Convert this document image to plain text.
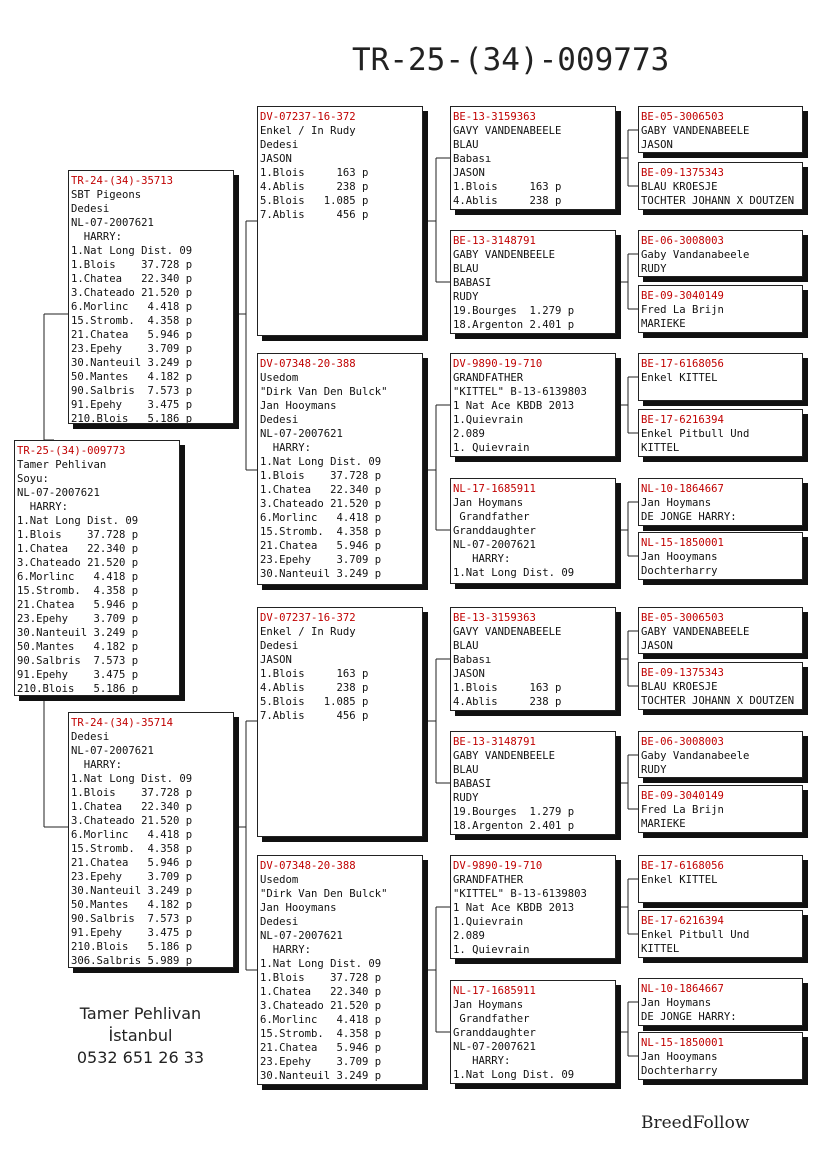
TR-25-(34)-009773
TR-25-(34)-009773
Tamer Pehlivan
Soyu:
NL-07-2007621
HARRY:
1.Nat Long Dist. 09
1.Blois    37.728 p
1.Chatea   22.340 p
3.Chateado 21.520 p
6.Morlinc   4.418 p
15.Stromb.  4.358 p
21.Chatea   5.946 p
23.Epehy    3.709 p
30.Nanteuil 3.249 p
50.Mantes   4.182 p
90.Salbris  7.573 p
91.Epehy    3.475 p
210.Blois   5.186 p
TR-24-(34)-35713
SBT Pigeons
Dedesi
NL-07-2007621
HARRY:
1.Nat Long Dist. 09
1.Blois    37.728 p
1.Chatea   22.340 p
3.Chateado 21.520 p
6.Morlinc   4.418 p
15.Stromb.  4.358 p
21.Chatea   5.946 p
23.Epehy    3.709 p
30.Nanteuil 3.249 p
50.Mantes   4.182 p
90.Salbris  7.573 p
91.Epehy    3.475 p
210.Blois   5.186 p
TR-24-(34)-35714
Dedesi
NL-07-2007621
HARRY:
1.Nat Long Dist. 09
1.Blois    37.728 p
1.Chatea   22.340 p
3.Chateado 21.520 p
6.Morlinc   4.418 p
15.Stromb.  4.358 p
21.Chatea   5.946 p
23.Epehy    3.709 p
30.Nanteuil 3.249 p
50.Mantes   4.182 p
90.Salbris  7.573 p
91.Epehy    3.475 p
210.Blois   5.186 p
306.Salbris 5.989 p
DV-07237-16-372
Enkel / In Rudy
Dedesi
JASON
1.Blois     163 p
4.Ablis     238 p
5.Blois   1.085 p
7.Ablis     456 p
DV-07348-20-388
Usedom
"Dirk Van Den Bulck"
Jan Hooymans
Dedesi
NL-07-2007621
HARRY:
1.Nat Long Dist. 09
1.Blois    37.728 p
1.Chatea   22.340 p
3.Chateado 21.520 p
6.Morlinc   4.418 p
15.Stromb.  4.358 p
21.Chatea   5.946 p
23.Epehy    3.709 p
30.Nanteuil 3.249 p
DV-07237-16-372
Enkel / In Rudy
Dedesi
JASON
1.Blois     163 p
4.Ablis     238 p
5.Blois   1.085 p
7.Ablis     456 p
DV-07348-20-388
Usedom
"Dirk Van Den Bulck"
Jan Hooymans
Dedesi
NL-07-2007621
HARRY:
1.Nat Long Dist. 09
1.Blois    37.728 p
1.Chatea   22.340 p
3.Chateado 21.520 p
6.Morlinc   4.418 p
15.Stromb.  4.358 p
21.Chatea   5.946 p
23.Epehy    3.709 p
30.Nanteuil 3.249 p
BE-13-3159363
GAVY VANDENABEELE
BLAU
Babası
JASON
1.Blois     163 p
4.Ablis     238 p
BE-13-3148791
GABY VANDENBEELE
BLAU
BABASI
RUDY
19.Bourges  1.279 p
18.Argenton 2.401 p
DV-9890-19-710
GRANDFATHER
"KITTEL" B-13-6139803
1 Nat Ace KBDB 2013
1.Quievrain
2.089
1. Quievrain
NL-17-1685911
Jan Hoymans
Grandfather
Granddaughter
NL-07-2007621
HARRY:
1.Nat Long Dist. 09
BE-13-3159363
GAVY VANDENABEELE
BLAU
Babası
JASON
1.Blois     163 p
4.Ablis     238 p
BE-13-3148791
GABY VANDENBEELE
BLAU
BABASI
RUDY
19.Bourges  1.279 p
18.Argenton 2.401 p
DV-9890-19-710
GRANDFATHER
"KITTEL" B-13-6139803
1 Nat Ace KBDB 2013
1.Quievrain
2.089
1. Quievrain
NL-17-1685911
Jan Hoymans
Grandfather
Granddaughter
NL-07-2007621
HARRY:
1.Nat Long Dist. 09
BE-05-3006503
GABY VANDENABEELE
JASON
BE-09-1375343
BLAU KROESJE
TOCHTER JOHANN X DOUTZEN
BE-06-3008003
Gaby Vandanabeele
RUDY
BE-09-3040149
Fred La Brijn
MARIEKE
BE-17-6168056
Enkel KITTEL
BE-17-6216394
Enkel Pitbull Und
KITTEL
NL-10-1864667
Jan Hoymans
DE JONGE HARRY:
NL-15-1850001
Jan Hooymans
Dochterharry
BE-05-3006503
GABY VANDENABEELE
JASON
BE-09-1375343
BLAU KROESJE
TOCHTER JOHANN X DOUTZEN
BE-06-3008003
Gaby Vandanabeele
RUDY
BE-09-3040149
Fred La Brijn
MARIEKE
BE-17-6168056
Enkel KITTEL
BE-17-6216394
Enkel Pitbull Und
KITTEL
NL-10-1864667
Jan Hoymans
DE JONGE HARRY:
NL-15-1850001
Jan Hooymans
Dochterharry
Tamer Pehlivan
İstanbul
0532 651 26 33
BreedFollow
